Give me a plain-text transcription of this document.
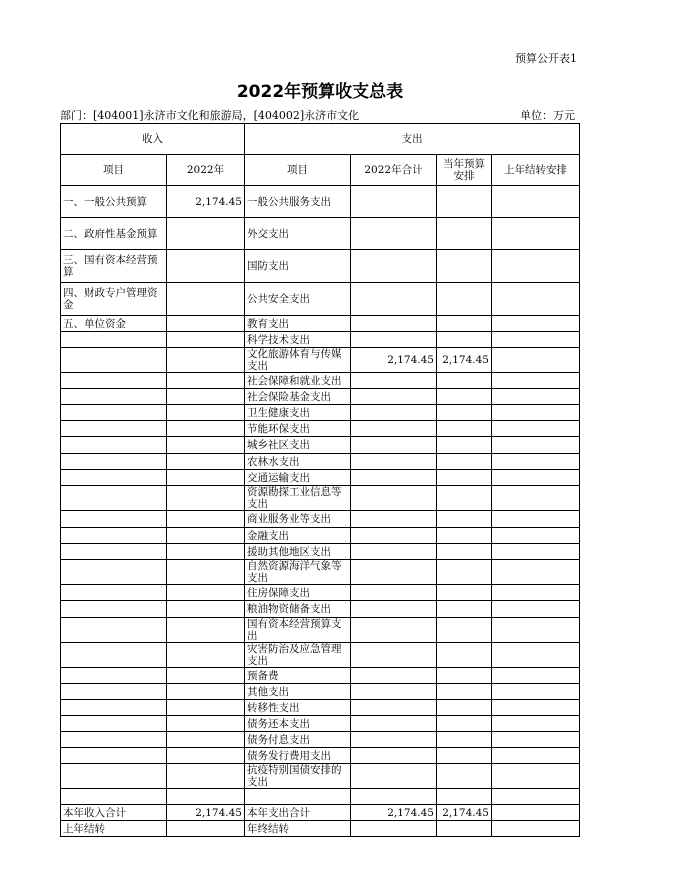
预算公开表1
2022年预算收支总表
部门：[404001]永济市文化和旅游局，[404002]永济市文化	单位：万元
收入		支出			
项目	2022年	项目	2022年合计	当年预算安排	上年结转安排
一、一般公共预算	2,174.45	一般公共服务支出			
二、政府性基金预算		外交支出			
三、国有资本经营预算		国防支出			
四、财政专户管理资金		公共安全支出			
五、单位资金		教育支出			
		科学技术支出			
		文化旅游体育与传媒支出	2,174.45	2,174.45	
		社会保障和就业支出			
		社会保险基金支出			
		卫生健康支出			
		节能环保支出			
		城乡社区支出			
		农林水支出			
		交通运输支出			
		资源勘探工业信息等支出			
		商业服务业等支出			
		金融支出			
		援助其他地区支出			
		自然资源海洋气象等支出			
		住房保障支出			
		粮油物资储备支出			
		国有资本经营预算支出			
		灾害防治及应急管理支出			
		预备费			
		其他支出			
		转移性支出			
		债务还本支出			
		债务付息支出			
		债务发行费用支出			
		抗疫特别国债安排的支出			

本年收入合计	2,174.45	本年支出合计	2,174.45	2,174.45	
上年结转		年终结转			
